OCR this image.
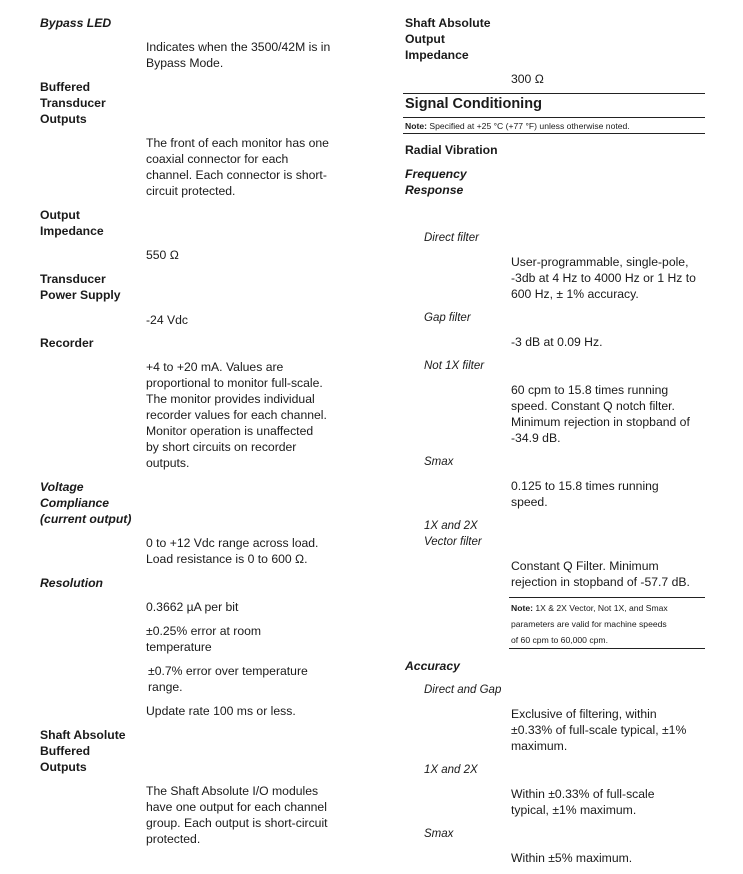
Bypass LED
Indicates when the 3500/42M is in
Bypass Mode.
Buffered
Transducer
Outputs
The front of each monitor has one
coaxial connector for each
channel. Each connector is short-
circuit protected.
Output
Impedance
550 Ω
Transducer
Power Supply
-24 Vdc
Recorder
+4 to +20 mA. Values are
proportional to monitor full-scale.
The monitor provides individual
recorder values for each channel.
Monitor operation is unaffected
by short circuits on recorder
outputs.
Voltage
Compliance
(current output)
0 to +12 Vdc range across load.
Load resistance is 0 to 600 Ω.
Resolution
0.3662 µA per bit
±0.25% error at room
temperature
±0.7% error over temperature
range.
Update rate 100 ms or less.
Shaft Absolute
Buffered
Outputs
The Shaft Absolute I/O modules
have one output for each channel
group. Each output is short-circuit
protected.
Shaft Absolute
Output
Impedance
300 Ω
Signal Conditioning
Note: Specified at +25 °C (+77 °F) unless otherwise noted.
Radial Vibration
Frequency
Response
Direct filter
User-programmable, single-pole,
-3db at 4 Hz to 4000 Hz or 1 Hz to
600 Hz, ± 1% accuracy.
Gap filter
-3 dB at 0.09 Hz.
Not 1X filter
60 cpm to 15.8 times running
speed. Constant Q notch filter.
Minimum rejection in stopband of
-34.9 dB.
Smax
0.125 to 15.8 times running
speed.
1X and 2X
Vector filter
Constant Q Filter. Minimum
rejection in stopband of -57.7 dB.
Note: 1X & 2X Vector, Not 1X, and Smax
parameters are valid for machine speeds
of 60 cpm to 60,000 cpm.
Accuracy
Direct and Gap
Exclusive of filtering, within
±0.33% of full-scale typical, ±1%
maximum.
1X and 2X
Within ±0.33% of full-scale
typical, ±1% maximum.
Smax
Within ±5% maximum.
